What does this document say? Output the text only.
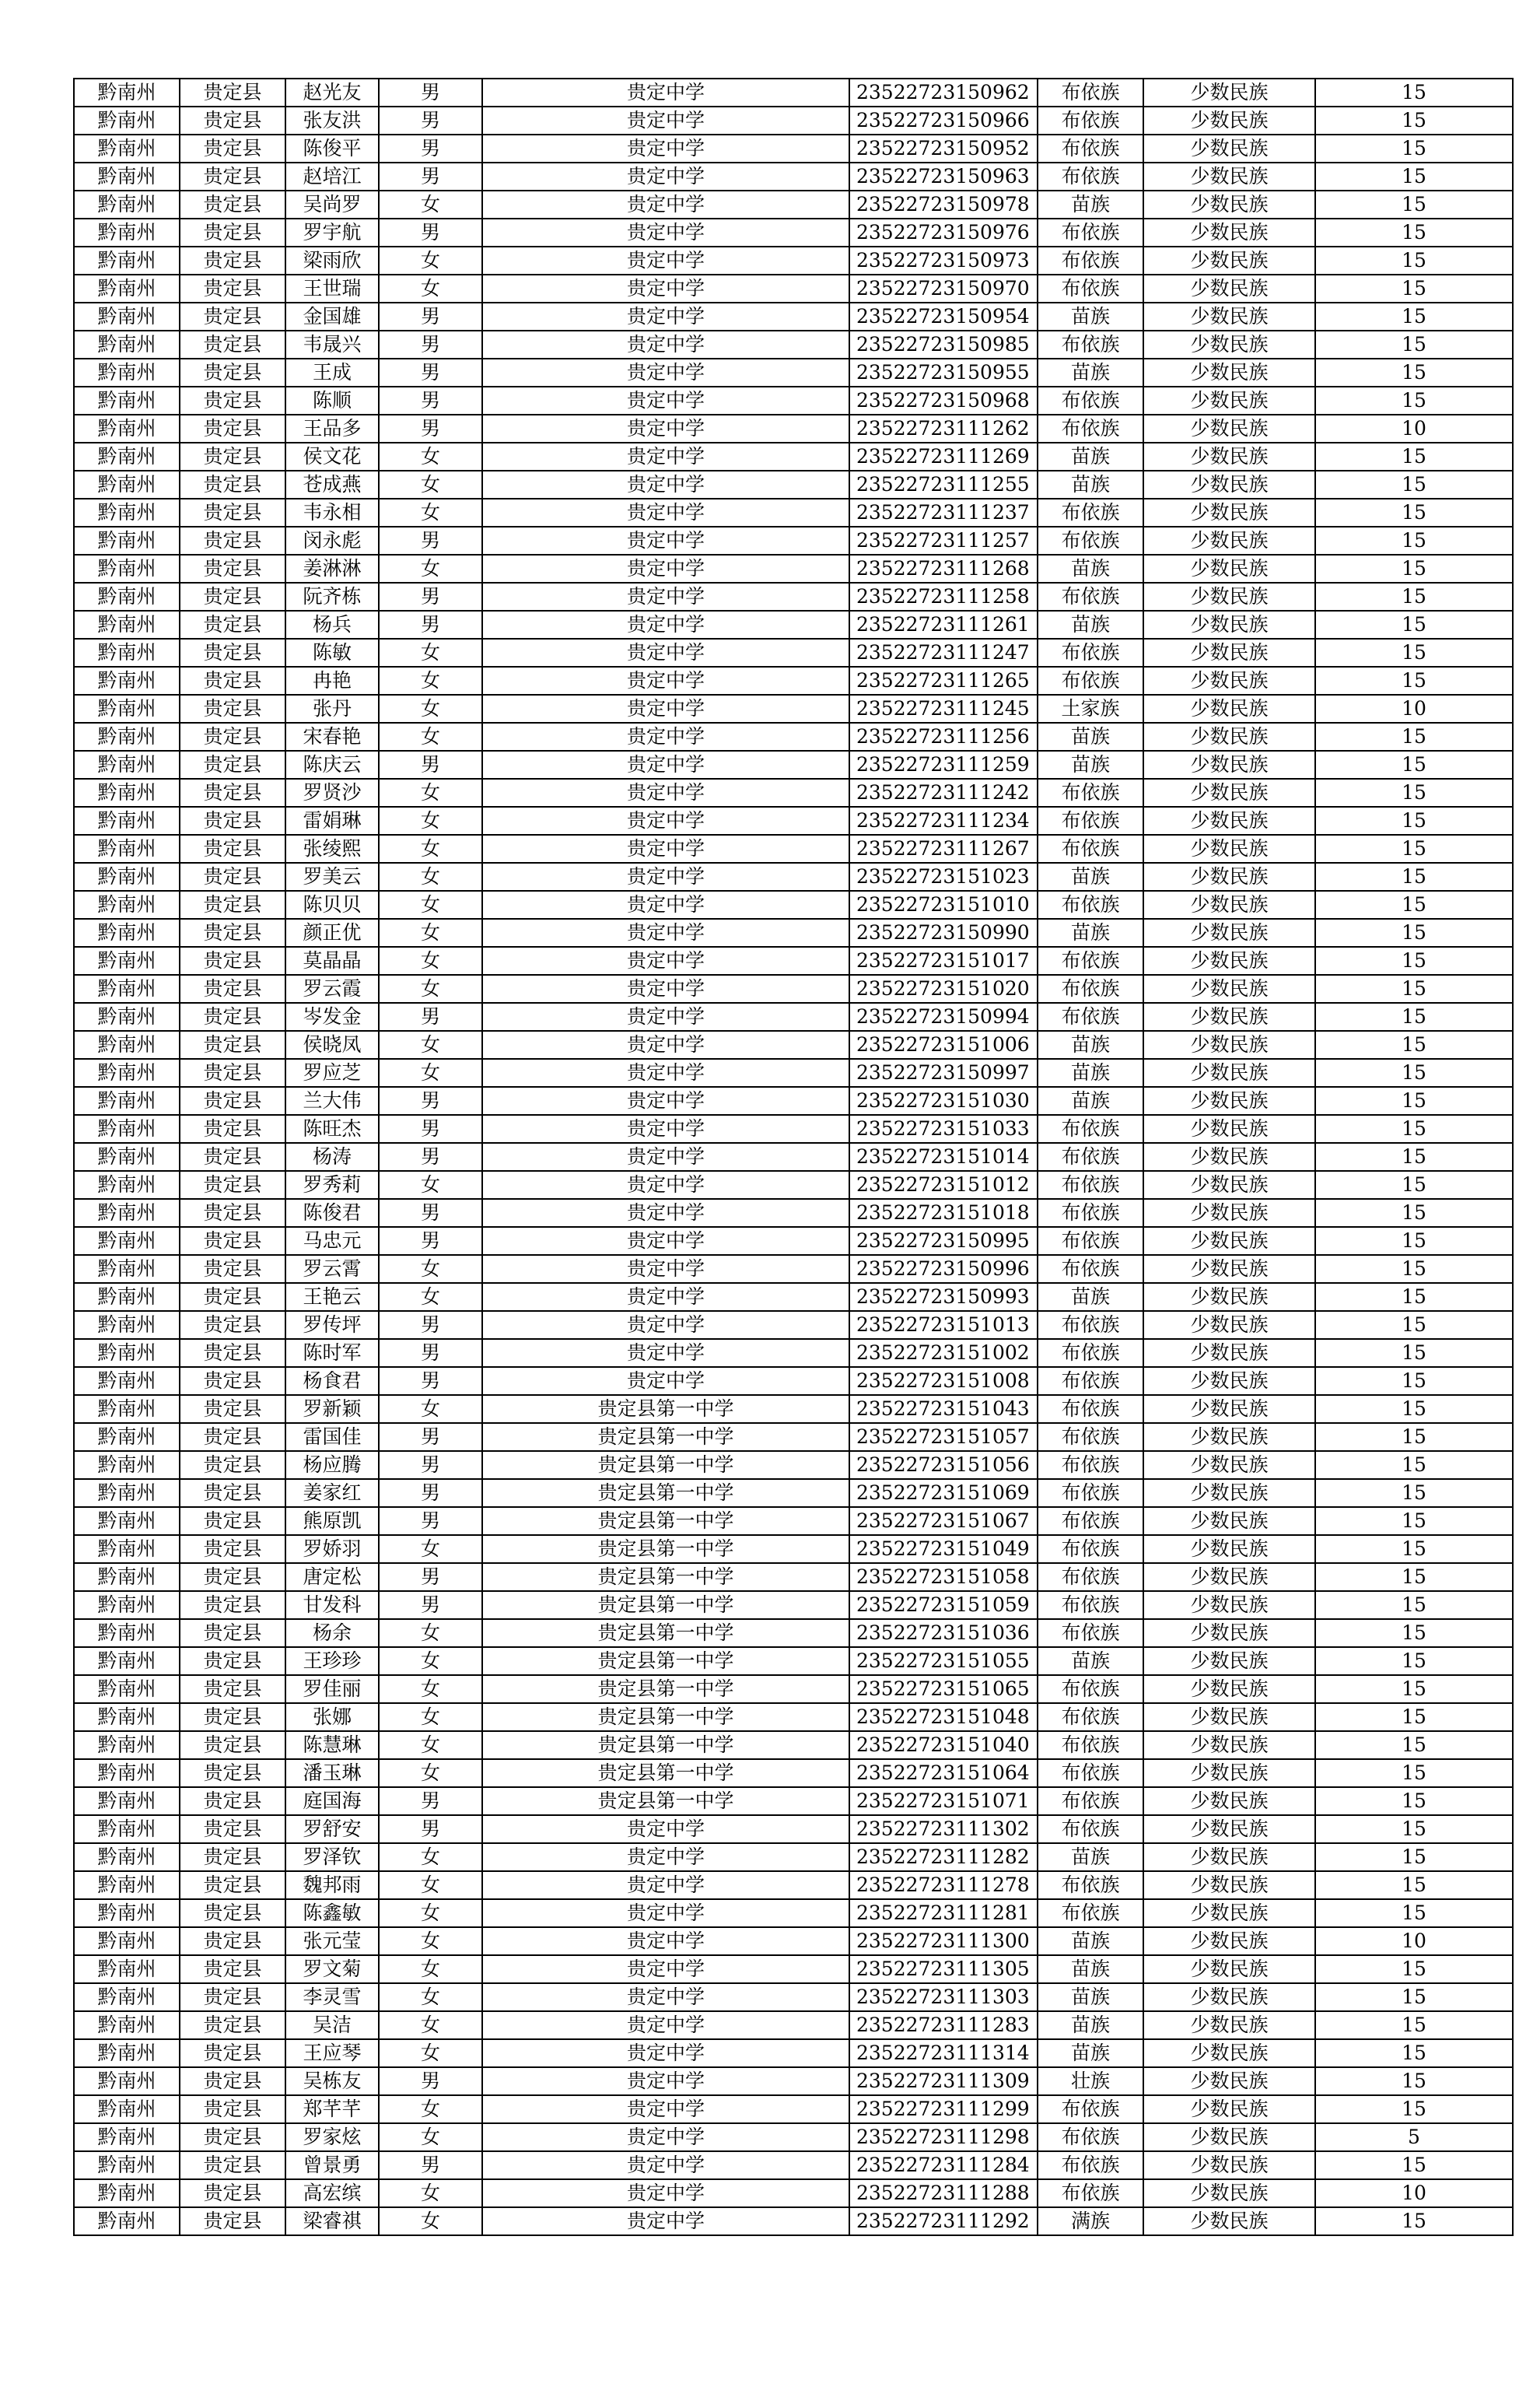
黔南州	贵定县	赵光友	男	贵定中学	23522723150962	布依族	少数民族	15
黔南州	贵定县	张友洪	男	贵定中学	23522723150966	布依族	少数民族	15
黔南州	贵定县	陈俊平	男	贵定中学	23522723150952	布依族	少数民族	15
黔南州	贵定县	赵培江	男	贵定中学	23522723150963	布依族	少数民族	15
黔南州	贵定县	吴尚罗	女	贵定中学	23522723150978	苗族	少数民族	15
黔南州	贵定县	罗宇航	男	贵定中学	23522723150976	布依族	少数民族	15
黔南州	贵定县	梁雨欣	女	贵定中学	23522723150973	布依族	少数民族	15
黔南州	贵定县	王世瑞	女	贵定中学	23522723150970	布依族	少数民族	15
黔南州	贵定县	金国雄	男	贵定中学	23522723150954	苗族	少数民族	15
黔南州	贵定县	韦晟兴	男	贵定中学	23522723150985	布依族	少数民族	15
黔南州	贵定县	王成	男	贵定中学	23522723150955	苗族	少数民族	15
黔南州	贵定县	陈顺	男	贵定中学	23522723150968	布依族	少数民族	15
黔南州	贵定县	王品多	男	贵定中学	23522723111262	布依族	少数民族	10
黔南州	贵定县	侯文花	女	贵定中学	23522723111269	苗族	少数民族	15
黔南州	贵定县	苍成燕	女	贵定中学	23522723111255	苗族	少数民族	15
黔南州	贵定县	韦永相	女	贵定中学	23522723111237	布依族	少数民族	15
黔南州	贵定县	闵永彪	男	贵定中学	23522723111257	布依族	少数民族	15
黔南州	贵定县	姜淋淋	女	贵定中学	23522723111268	苗族	少数民族	15
黔南州	贵定县	阮齐栋	男	贵定中学	23522723111258	布依族	少数民族	15
黔南州	贵定县	杨兵	男	贵定中学	23522723111261	苗族	少数民族	15
黔南州	贵定县	陈敏	女	贵定中学	23522723111247	布依族	少数民族	15
黔南州	贵定县	冉艳	女	贵定中学	23522723111265	布依族	少数民族	15
黔南州	贵定县	张丹	女	贵定中学	23522723111245	土家族	少数民族	10
黔南州	贵定县	宋春艳	女	贵定中学	23522723111256	苗族	少数民族	15
黔南州	贵定县	陈庆云	男	贵定中学	23522723111259	苗族	少数民族	15
黔南州	贵定县	罗贤沙	女	贵定中学	23522723111242	布依族	少数民族	15
黔南州	贵定县	雷娟琳	女	贵定中学	23522723111234	布依族	少数民族	15
黔南州	贵定县	张绫熙	女	贵定中学	23522723111267	布依族	少数民族	15
黔南州	贵定县	罗美云	女	贵定中学	23522723151023	苗族	少数民族	15
黔南州	贵定县	陈贝贝	女	贵定中学	23522723151010	布依族	少数民族	15
黔南州	贵定县	颜正优	女	贵定中学	23522723150990	苗族	少数民族	15
黔南州	贵定县	莫晶晶	女	贵定中学	23522723151017	布依族	少数民族	15
黔南州	贵定县	罗云霞	女	贵定中学	23522723151020	布依族	少数民族	15
黔南州	贵定县	岑发金	男	贵定中学	23522723150994	布依族	少数民族	15
黔南州	贵定县	侯晓凤	女	贵定中学	23522723151006	苗族	少数民族	15
黔南州	贵定县	罗应芝	女	贵定中学	23522723150997	苗族	少数民族	15
黔南州	贵定县	兰大伟	男	贵定中学	23522723151030	苗族	少数民族	15
黔南州	贵定县	陈旺杰	男	贵定中学	23522723151033	布依族	少数民族	15
黔南州	贵定县	杨涛	男	贵定中学	23522723151014	布依族	少数民族	15
黔南州	贵定县	罗秀莉	女	贵定中学	23522723151012	布依族	少数民族	15
黔南州	贵定县	陈俊君	男	贵定中学	23522723151018	布依族	少数民族	15
黔南州	贵定县	马忠元	男	贵定中学	23522723150995	布依族	少数民族	15
黔南州	贵定县	罗云霄	女	贵定中学	23522723150996	布依族	少数民族	15
黔南州	贵定县	王艳云	女	贵定中学	23522723150993	苗族	少数民族	15
黔南州	贵定县	罗传坪	男	贵定中学	23522723151013	布依族	少数民族	15
黔南州	贵定县	陈时军	男	贵定中学	23522723151002	布依族	少数民族	15
黔南州	贵定县	杨食君	男	贵定中学	23522723151008	布依族	少数民族	15
黔南州	贵定县	罗新颖	女	贵定县第一中学	23522723151043	布依族	少数民族	15
黔南州	贵定县	雷国佳	男	贵定县第一中学	23522723151057	布依族	少数民族	15
黔南州	贵定县	杨应腾	男	贵定县第一中学	23522723151056	布依族	少数民族	15
黔南州	贵定县	姜家红	男	贵定县第一中学	23522723151069	布依族	少数民族	15
黔南州	贵定县	熊原凯	男	贵定县第一中学	23522723151067	布依族	少数民族	15
黔南州	贵定县	罗娇羽	女	贵定县第一中学	23522723151049	布依族	少数民族	15
黔南州	贵定县	唐定松	男	贵定县第一中学	23522723151058	布依族	少数民族	15
黔南州	贵定县	甘发科	男	贵定县第一中学	23522723151059	布依族	少数民族	15
黔南州	贵定县	杨余	女	贵定县第一中学	23522723151036	布依族	少数民族	15
黔南州	贵定县	王珍珍	女	贵定县第一中学	23522723151055	苗族	少数民族	15
黔南州	贵定县	罗佳丽	女	贵定县第一中学	23522723151065	布依族	少数民族	15
黔南州	贵定县	张娜	女	贵定县第一中学	23522723151048	布依族	少数民族	15
黔南州	贵定县	陈慧琳	女	贵定县第一中学	23522723151040	布依族	少数民族	15
黔南州	贵定县	潘玉琳	女	贵定县第一中学	23522723151064	布依族	少数民族	15
黔南州	贵定县	庭国海	男	贵定县第一中学	23522723151071	布依族	少数民族	15
黔南州	贵定县	罗舒安	男	贵定中学	23522723111302	布依族	少数民族	15
黔南州	贵定县	罗泽钦	女	贵定中学	23522723111282	苗族	少数民族	15
黔南州	贵定县	魏邦雨	女	贵定中学	23522723111278	布依族	少数民族	15
黔南州	贵定县	陈鑫敏	女	贵定中学	23522723111281	布依族	少数民族	15
黔南州	贵定县	张元莹	女	贵定中学	23522723111300	苗族	少数民族	10
黔南州	贵定县	罗文菊	女	贵定中学	23522723111305	苗族	少数民族	15
黔南州	贵定县	李灵雪	女	贵定中学	23522723111303	苗族	少数民族	15
黔南州	贵定县	吴洁	女	贵定中学	23522723111283	苗族	少数民族	15
黔南州	贵定县	王应琴	女	贵定中学	23522723111314	苗族	少数民族	15
黔南州	贵定县	吴栋友	男	贵定中学	23522723111309	壮族	少数民族	15
黔南州	贵定县	郑芊芊	女	贵定中学	23522723111299	布依族	少数民族	15
黔南州	贵定县	罗家炫	女	贵定中学	23522723111298	布依族	少数民族	5
黔南州	贵定县	曾景勇	男	贵定中学	23522723111284	布依族	少数民族	15
黔南州	贵定县	高宏缤	女	贵定中学	23522723111288	布依族	少数民族	10
黔南州	贵定县	梁睿祺	女	贵定中学	23522723111292	满族	少数民族	15
